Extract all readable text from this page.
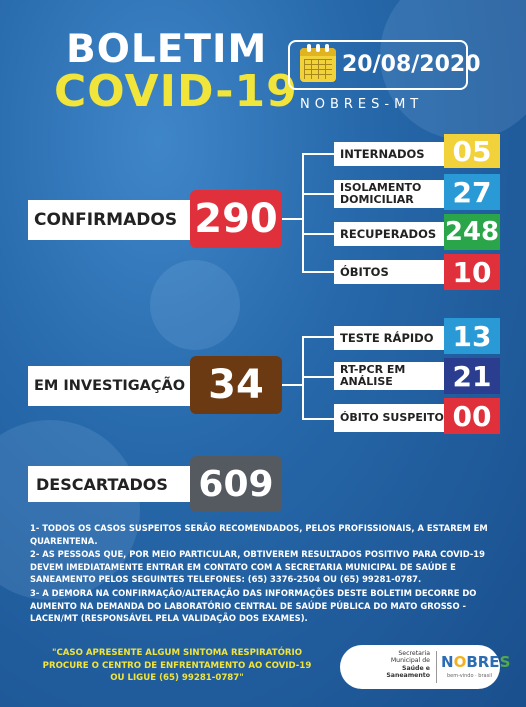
BOLETIM
COVID-19
20/08/2020
NOBRES-MT
CONFIRMADOS 290
INTERNADOS 05
ISOLAMENTO DOMICILIAR	27
RECUPERADOS 248
ÓBITOS	10
EM INVESTIGAÇÃO 34
TESTE RÁPIDO 13
RT-PCR EM ANÁLISE	21
ÓBITO SUSPEITO 00
DESCARTADOS 609

1- TODOS OS CASOS SUSPEITOS SERÃO RECOMENDADOS, PELOS PROFISSIONAIS, A ESTAREM EM QUARENTENA.

2- AS PESSOAS QUE, POR MEIO PARTICULAR, OBTIVEREM RESULTADOS POSITIVO PARA COVID-19 DEVEM IMEDIATAMENTE ENTRAR EM CONTATO COM A SECRETARIA MUNICIPAL DE SAÚDE E SANEAMENTO PELOS SEGUINTES TELEFONES: (65) 3376-2504 OU (65) 99281-0787.

3- A DEMORA NA CONFIRMAÇÃO/ALTERAÇÃO DAS INFORMAÇÕES DESTE BOLETIM DECORRE DO AUMENTO NA DEMANDA DO LABORATÓRIO CENTRAL DE SAÚDE PÚBLICA DO MATO GROSSO - LACEN/MT (RESPONSÁVEL PELA VALIDAÇÃO DOS EXAMES).

"CASO APRESENTE ALGUM SINTOMA RESPIRATÓRIO
PROCURE O CENTRO DE ENFRENTAMENTO AO COVID-19
OU LIGUE (65) 99281-0787"
Secretaria
Municipal de
Saúde e
Saneamento
NOBRES
bem-vindo · brasil
